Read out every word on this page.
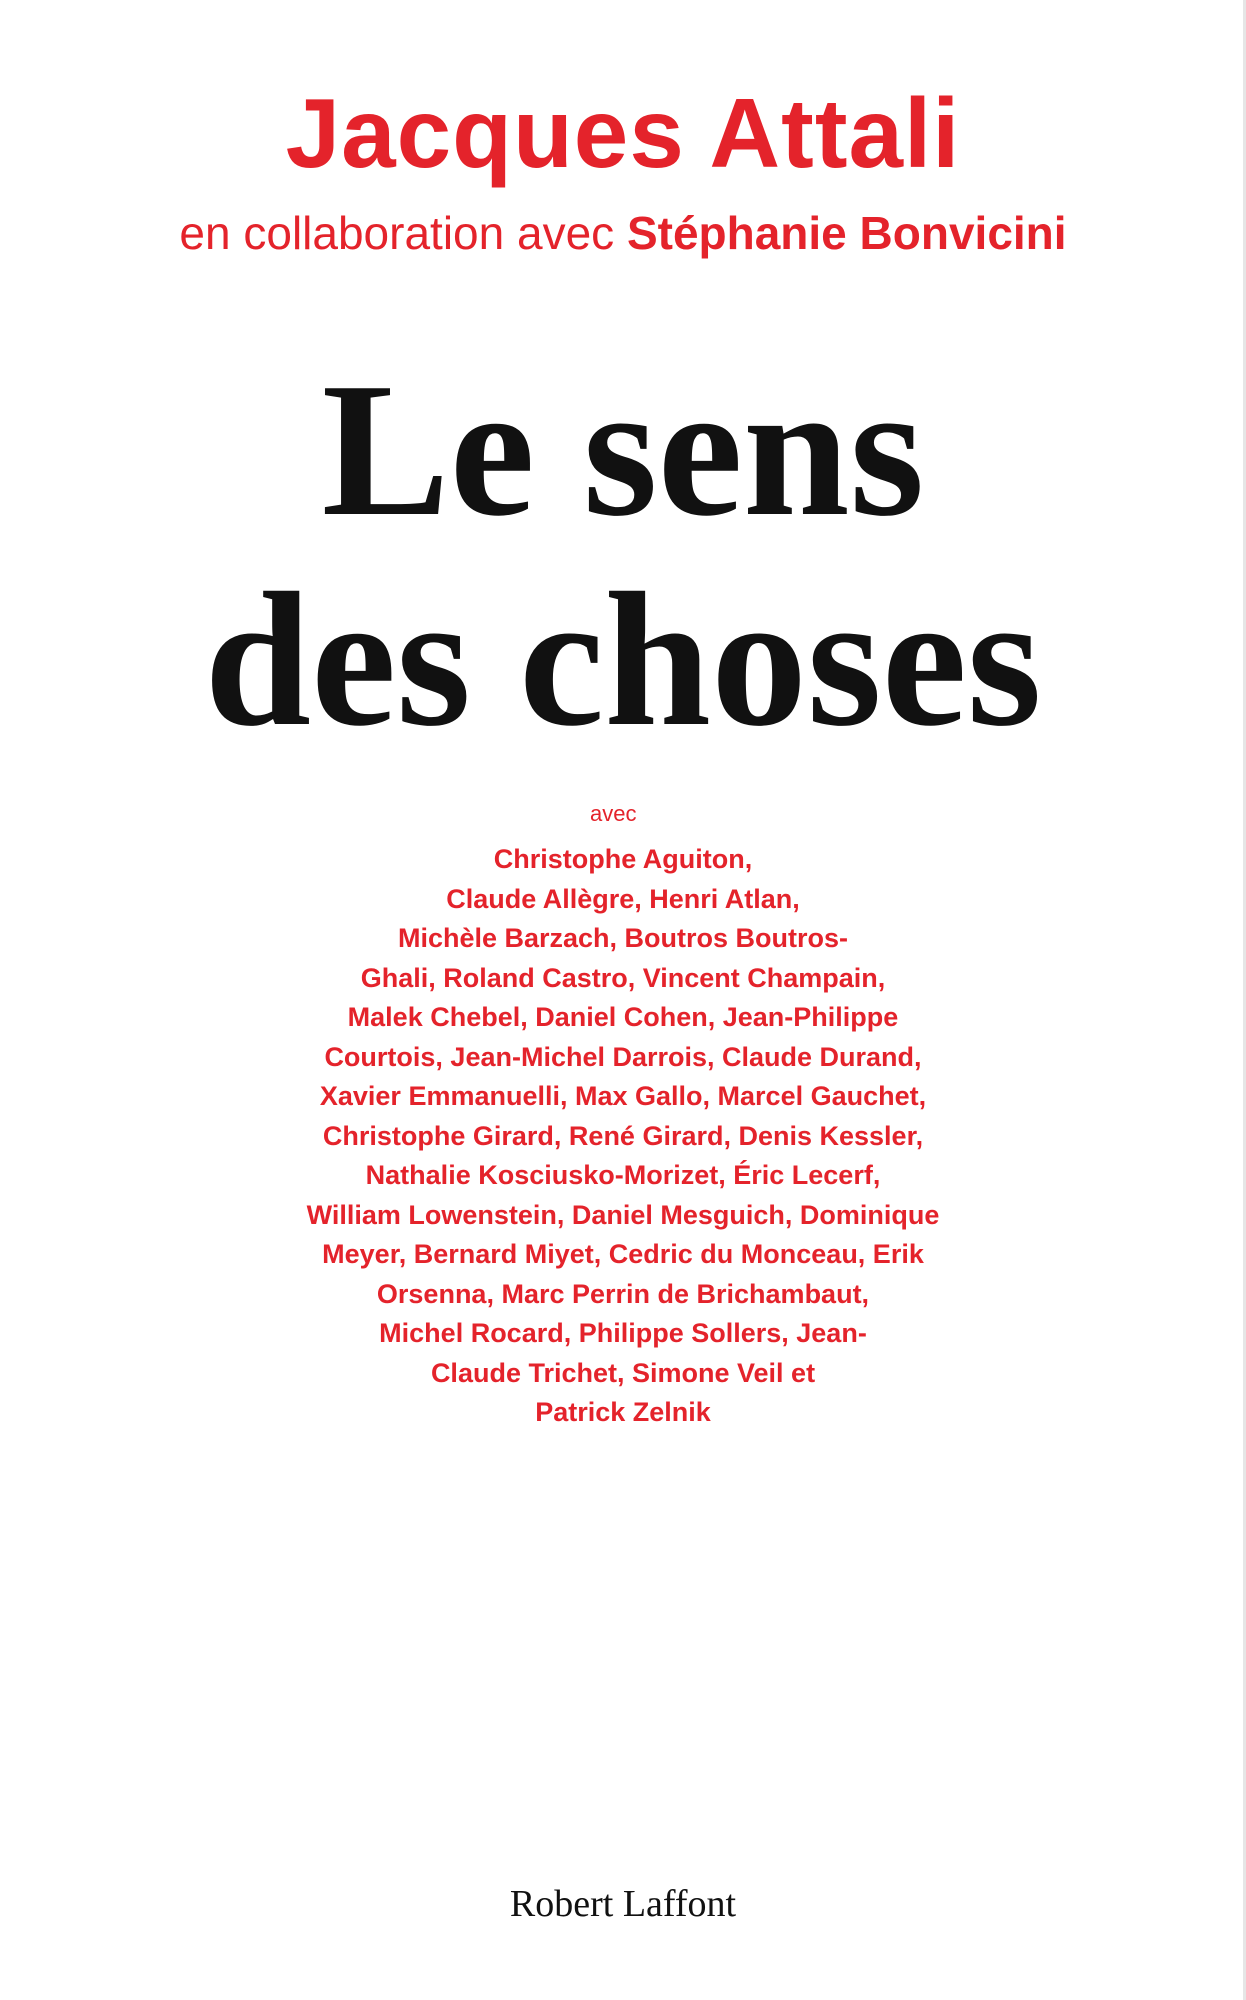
Jacques Attali
en collaboration avec Stéphanie Bonvicini
Le sens
des choses
avec
Christophe Aguiton,
Claude Allègre, Henri Atlan,
Michèle Barzach, Boutros Boutros-
Ghali, Roland Castro, Vincent Champain,
Malek Chebel, Daniel Cohen, Jean-Philippe
Courtois, Jean-Michel Darrois, Claude Durand,
Xavier Emmanuelli, Max Gallo, Marcel Gauchet,
Christophe Girard, René Girard, Denis Kessler,
Nathalie Kosciusko-Morizet, Éric Lecerf,
William Lowenstein, Daniel Mesguich, Dominique
Meyer, Bernard Miyet, Cedric du Monceau, Erik
Orsenna, Marc Perrin de Brichambaut,
Michel Rocard, Philippe Sollers, Jean-
Claude Trichet, Simone Veil et
Patrick Zelnik
Robert Laffont
